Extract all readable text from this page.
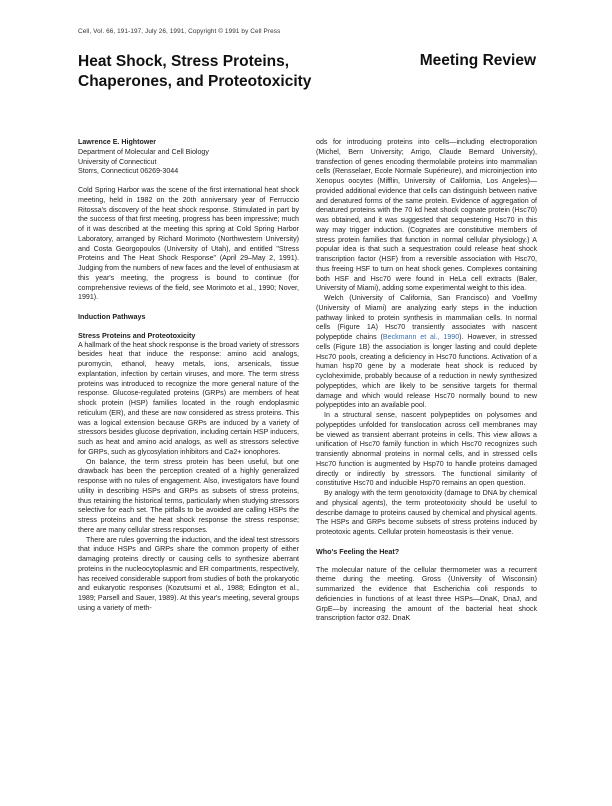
Cell, Vol. 66, 191-197, July 26, 1991, Copyright © 1991 by Cell Press
Heat Shock, Stress Proteins,
Chaperones, and Proteotoxicity
Meeting Review
Lawrence E. Hightower
Department of Molecular and Cell Biology
University of Connecticut
Storrs, Connecticut 06269-3044

Cold Spring Harbor was the scene of the first international heat shock meeting, held in 1982 on the 20th anniversary year of Ferruccio Ritossa's discovery of the heat shock response. Stimulated in part by the success of that first meeting, progress has been impressive; much of it was described at the meeting this spring at Cold Spring Harbor Laboratory, arranged by Richard Morimoto (Northwestern University) and Costa Georgopoulos (University of Utah), and entitled "Stress Proteins and The Heat Shock Response" (April 29–May 2, 1991). Judging from the numbers of new faces and the level of enthusiasm at this year's meeting, the progress is bound to continue (for comprehensive reviews of the field, see Morimoto et al., 1990; Nover, 1991).

Induction Pathways
Stress Proteins and Proteotoxicity

A hallmark of the heat shock response is the broad variety of stressors besides heat that induce the response: amino acid analogs, puromycin, ethanol, heavy metals, ions, arsenicals, tissue explantation, infection by certain viruses, and more. The term stress proteins was introduced to recognize the more general nature of the response. Glucose-regulated proteins (GRPs) are members of heat shock protein (HSP) families located in the rough endoplasmic reticulum (ER), and these are now considered as stress proteins. This was a logical extension because GRPs are induced by a variety of stressors besides glucose deprivation, including certain HSP inducers, such as heat and amino acid analogs, as well as stressors selective for GRPs, such as glycosylation inhibitors and Ca2+ ionophores.

On balance, the term stress protein has been useful, but one drawback has been the perception created of a highly generalized response with no rules of engagement. Also, investigators have found utility in describing HSPs and GRPs as subsets of stress proteins, thus retaining the historical terms, particularly when studying stressors selective for each set. The pitfalls to be avoided are calling HSPs the stress proteins and the heat shock response the stress response; there are many cellular stress responses.

There are rules governing the induction, and the ideal test stressors that induce HSPs and GRPs share the common property of either damaging proteins directly or causing cells to synthesize aberrant proteins in the nucleocytoplasmic and ER compartments, respectively, has received considerable support from studies of both the prokaryotic and eukaryotic responses (Kozutsumi et al., 1988; Edington et al., 1989; Parsell and Sauer, 1989). At this year's meeting, several groups using a variety of meth-

ods for introducing proteins into cells—including electroporation (Michel, Bern University; Arrigo, Claude Bernard University), transfection of genes encoding thermolabile proteins into mammalian cells (Rensselaer, Ecole Normale Supérieure), and microinjection into Xenopus oocytes (Mifflin, University of California, Los Angeles)—provided additional evidence that cells can distinguish between native and denatured forms of the same protein. Evidence of aggregation of denatured proteins with the 70 kd heat shock cognate protein (Hsc70) was obtained, and it was suggested that sequestering Hsc70 in this way may trigger induction. (Cognates are constitutive members of stress protein families that function in normal cellular physiology.) A popular idea is that such a sequestration could release heat shock transcription factor (HSF) from a reversible association with Hsc70, thus freeing HSF to turn on heat shock genes. Complexes containing both HSF and Hsc70 were found in HeLa cell extracts (Baler, University of Miami), adding some experimental weight to this idea.

Welch (University of California, San Francisco) and Voellmy (University of Miami) are analyzing early steps in the induction pathway linked to protein synthesis in mammalian cells. In normal cells (Figure 1A) Hsc70 transiently associates with nascent polypeptide chains (Beckmann et al., 1990). However, in stressed cells (Figure 1B) the association is longer lasting and could deplete Hsc70 pools, creating a deficiency in Hsc70 functions. Activation of a human hsp70 gene by a moderate heat shock is reduced by cycloheximide, probably because of a reduction in newly synthesized polypeptides, which are likely to be sensitive targets for thermal damage and which would release Hsc70 normally bound to new polypeptides into an available pool.

In a structural sense, nascent polypeptides on polysomes and polypeptides unfolded for translocation across cell membranes may be viewed as transient aberrant proteins in cells. This view allows a unification of Hsc70 family function in which Hsc70 recognizes such transiently abnormal proteins in normal cells, and in stressed cells Hsc70 function is augmented by Hsp70 to handle proteins damaged directly or indirectly by stressors. The functional similarity of constitutive Hsc70 and inducible Hsp70 remains an open question.

By analogy with the term genotoxicity (damage to DNA by chemical and physical agents), the term proteotoxicity should be useful to describe damage to proteins caused by chemical and physical agents. The HSPs and GRPs become subsets of stress proteins induced by proteotoxic agents. Cellular protein homeostasis is their venue.

Who's Feeling the Heat?

The molecular nature of the cellular thermometer was a recurrent theme during the meeting. Gross (University of Wisconsin) summarized the evidence that Escherichia coli responds to deficiencies in functions of at least three HSPs—DnaK, DnaJ, and GrpE—by increasing the amount of the bacterial heat shock transcription factor σ32. DnaK
